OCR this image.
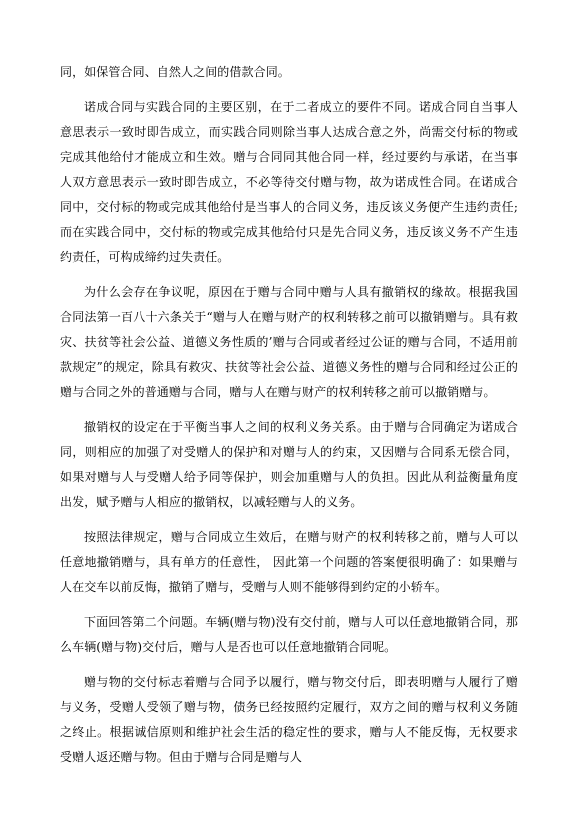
同，如保管合同、自然人之间的借款合同。

诺成合同与实践合同的主要区别，在于二者成立的要件不同。诺成合同自当事人意思表示一致时即告成立，而实践合同则除当事人达成合意之外，尚需交付标的物或完成其他给付才能成立和生效。赠与合同同其他合同一样，经过要约与承诺，在当事人双方意思表示一致时即告成立，不必等待交付赠与物，故为诺成性合同。在诺成合同中，交付标的物或完成其他给付是当事人的合同义务，违反该义务便产生违约责任;而在实践合同中，交付标的物或完成其他给付只是先合同义务，违反该义务不产生违约责任，可构成缔约过失责任。

为什么会存在争议呢，原因在于赠与合同中赠与人具有撤销权的缘故。根据我国合同法第一百八十六条关于“赠与人在赠与财产的权利转移之前可以撤销赠与。具有救灾、扶贫等社会公益、道德义务性质的’赠与合同或者经过公证的赠与合同，不适用前款规定”的规定，除具有救灾、扶贫等社会公益、道德义务性的赠与合同和经过公正的赠与合同之外的普通赠与合同，赠与人在赠与财产的权利转移之前可以撤销赠与。

撤销权的设定在于平衡当事人之间的权利义务关系。由于赠与合同确定为诺成合同，则相应的加强了对受赠人的保护和对赠与人的约束，又因赠与合同系无偿合同，如果对赠与人与受赠人给予同等保护，则会加重赠与人的负担。因此从利益衡量角度出发，赋予赠与人相应的撤销权，以减轻赠与人的义务。

按照法律规定，赠与合同成立生效后，在赠与财产的权利转移之前，赠与人可以任意地撤销赠与，具有单方的任意性， 因此第一个问题的答案便很明确了：如果赠与人在交车以前反悔，撤销了赠与，受赠与人则不能够得到约定的小轿车。

下面回答第二个问题。车辆(赠与物)没有交付前，赠与人可以任意地撤销合同，那么车辆(赠与物)交付后，赠与人是否也可以任意地撤销合同呢。

赠与物的交付标志着赠与合同予以履行，赠与物交付后，即表明赠与人履行了赠与义务，受赠人受领了赠与物，债务已经按照约定履行，双方之间的赠与权利义务随之终止。根据诚信原则和维护社会生活的稳定性的要求，赠与人不能反悔，无权要求受赠人返还赠与物。但由于赠与合同是赠与人
